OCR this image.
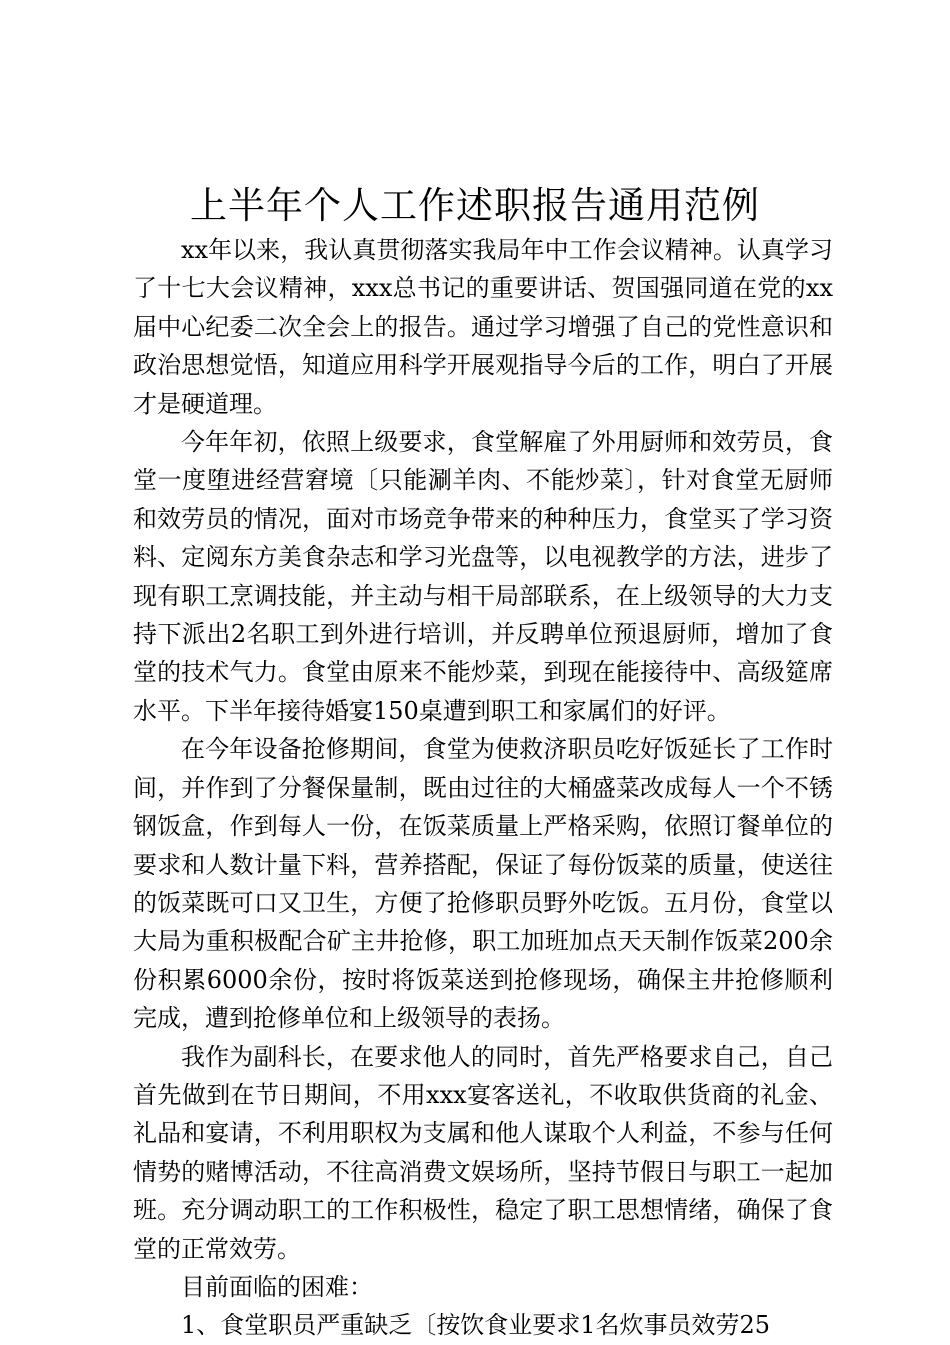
上半年个人工作述职报告通用范例

xx年以来，我认真贯彻落实我局年中工作会议精神。认真学习了十七大会议精神，xxx总书记的重要讲话、贺国强同道在党的xx届中心纪委二次全会上的报告。通过学习增强了自己的党性意识和政治思想觉悟，知道应用科学开展观指导今后的工作，明白了开展才是硬道理。

今年年初，依照上级要求，食堂解雇了外用厨师和效劳员，食堂一度堕进经营窘境〔只能涮羊肉、不能炒菜〕，针对食堂无厨师和效劳员的情况，面对市场竞争带来的种种压力，食堂买了学习资料、定阅东方美食杂志和学习光盘等，以电视教学的方法，进步了现有职工烹调技能，并主动与相干局部联系，在上级领导的大力支持下派出2名职工到外进行培训，并反聘单位预退厨师，增加了食堂的技术气力。食堂由原来不能炒菜，到现在能接待中、高级筵席水平。下半年接待婚宴150桌遭到职工和家属们的好评。

在今年设备抢修期间，食堂为使救济职员吃好饭延长了工作时间，并作到了分餐保量制，既由过往的大桶盛菜改成每人一个不锈钢饭盒，作到每人一份，在饭菜质量上严格采购，依照订餐单位的要求和人数计量下料，营养搭配，保证了每份饭菜的质量，使送往的饭菜既可口又卫生，方便了抢修职员野外吃饭。五月份，食堂以大局为重积极配合矿主井抢修，职工加班加点天天制作饭菜200余份积累6000余份，按时将饭菜送到抢修现场，确保主井抢修顺利完成，遭到抢修单位和上级领导的表扬。

我作为副科长，在要求他人的同时，首先严格要求自己，自己首先做到在节日期间，不用xxx宴客送礼，不收取供货商的礼金、礼品和宴请，不利用职权为支属和他人谋取个人利益，不参与任何情势的赌博活动，不往高消费文娱场所，坚持节假日与职工一起加班。充分调动职工的工作积极性，稳定了职工思想情绪，确保了食堂的正常效劳。

目前面临的困难：

1、食堂职员严重缺乏〔按饮食业要求1名炊事员效劳25
